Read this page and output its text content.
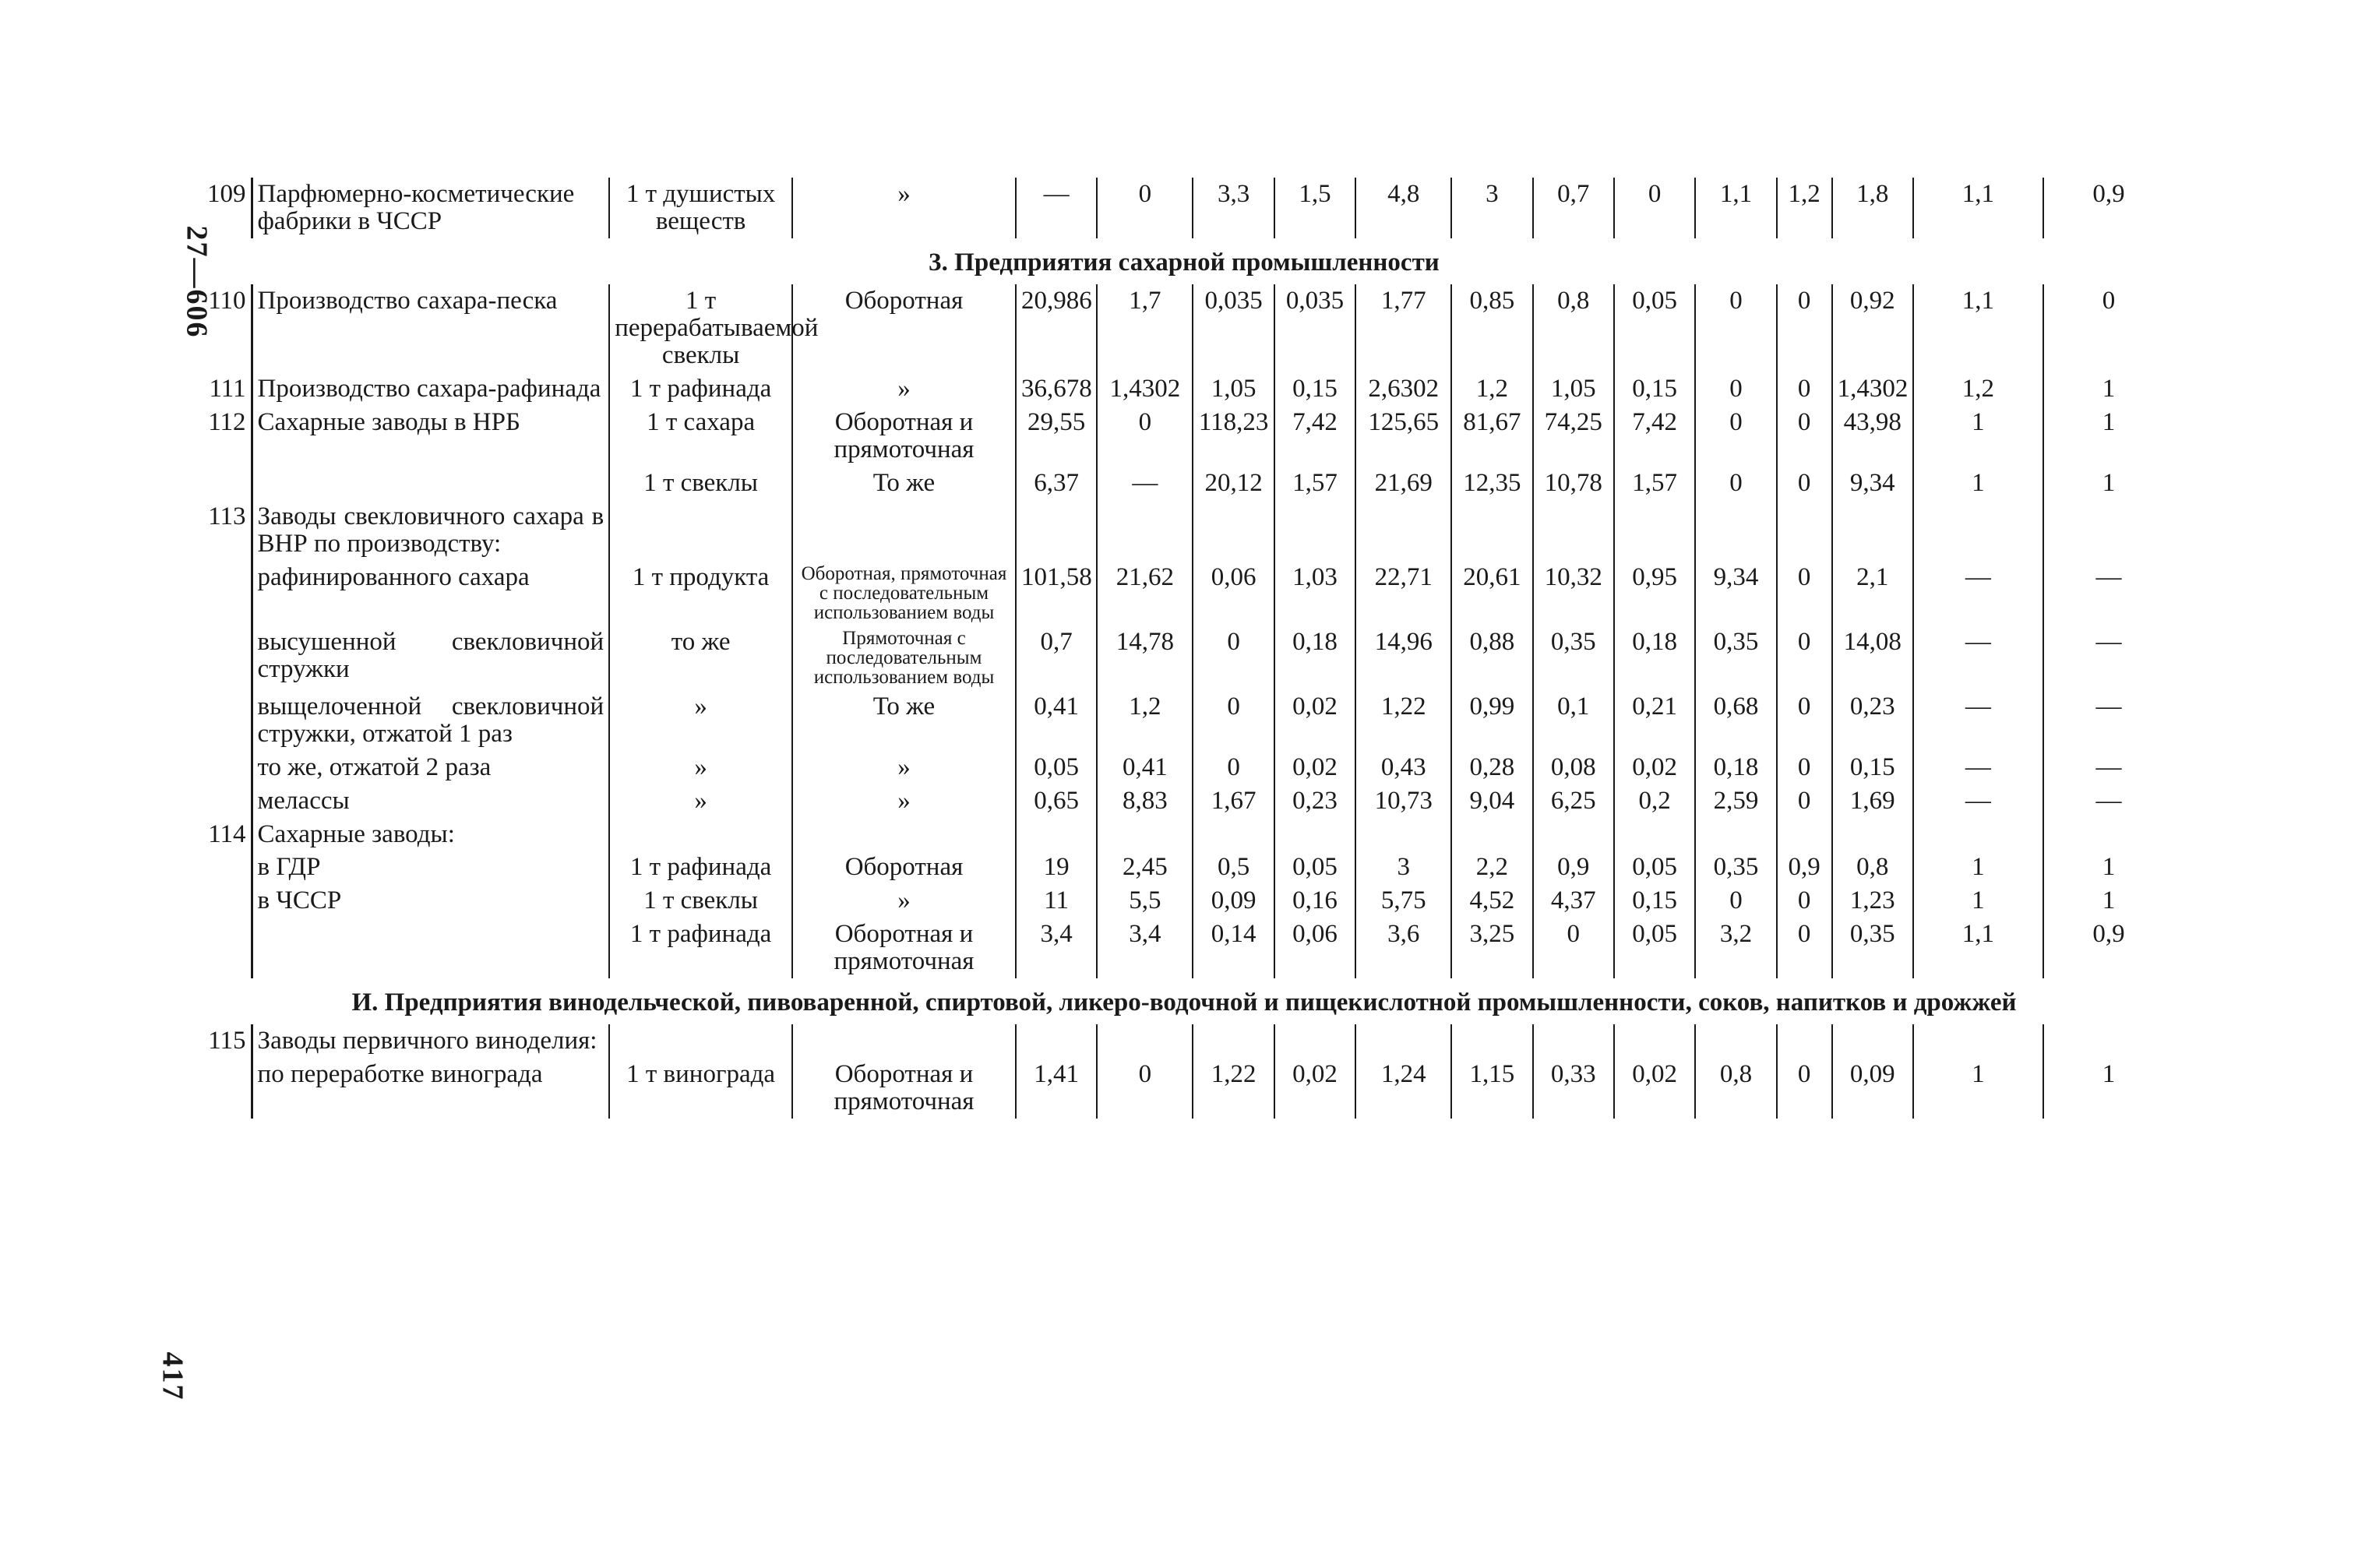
27—606
417
109	Парфюмерно-косметические фабрики в ЧССР	1 т душистых веществ	»	—	0	3,3	1,5	4,8	3	0,7	0	1,1	1,2	1,8	1,1	0,9
3. Предприятия сахарной промышленности																
110	Производство сахара-песка	1 т перерабатываемой свеклы	Оборотная	20,986	1,7	0,035	0,035	1,77	0,85	0,8	0,05	0	0	0,92	1,1	0
111	Производство сахара-рафинада	1 т рафинада	»	36,678	1,4302	1,05	0,15	2,6302	1,2	1,05	0,15	0	0	1,4302	1,2	1
112	Сахарные заводы в НРБ	1 т сахара	Оборотная и прямоточная	29,55	0	118,23	7,42	125,65	81,67	74,25	7,42	0	0	43,98	1	1
		1 т свеклы	То же	6,37	—	20,12	1,57	21,69	12,35	10,78	1,57	0	0	9,34	1	1
113	Заводы свекловичного сахара в ВНР по производству:															
	рафинированного сахара	1 т продукта	Оборотная, прямоточная с последовательным использованием воды	101,58	21,62	0,06	1,03	22,71	20,61	10,32	0,95	9,34	0	2,1	—	—
	высушенной свекловичной стружки	то же	Прямоточная с последовательным использованием воды	0,7	14,78	0	0,18	14,96	0,88	0,35	0,18	0,35	0	14,08	—	—
	выщелоченной свекловичной стружки, отжатой 1 раз	»	То же	0,41	1,2	0	0,02	1,22	0,99	0,1	0,21	0,68	0	0,23	—	—
	то же, отжатой 2 раза	»	»	0,05	0,41	0	0,02	0,43	0,28	0,08	0,02	0,18	0	0,15	—	—
	мелассы	»	»	0,65	8,83	1,67	0,23	10,73	9,04	6,25	0,2	2,59	0	1,69	—	—
114	Сахарные заводы:															
	в ГДР	1 т рафинада	Оборотная	19	2,45	0,5	0,05	3	2,2	0,9	0,05	0,35	0,9	0,8	1	1
	в ЧССР	1 т свеклы	»	11	5,5	0,09	0,16	5,75	4,52	4,37	0,15	0	0	1,23	1	1
		1 т рафинада	Оборотная и прямоточная	3,4	3,4	0,14	0,06	3,6	3,25	0	0,05	3,2	0	0,35	1,1	0,9
И. Предприятия винодельческой, пивоваренной, спиртовой, ликеро-водочной и пищекислотной промышленности, соков, напитков и дрожжей																
115	Заводы первичного виноделия:															
	по переработке винограда	1 т винограда	Оборотная и прямоточная	1,41	0	1,22	0,02	1,24	1,15	0,33	0,02	0,8	0	0,09	1	1
